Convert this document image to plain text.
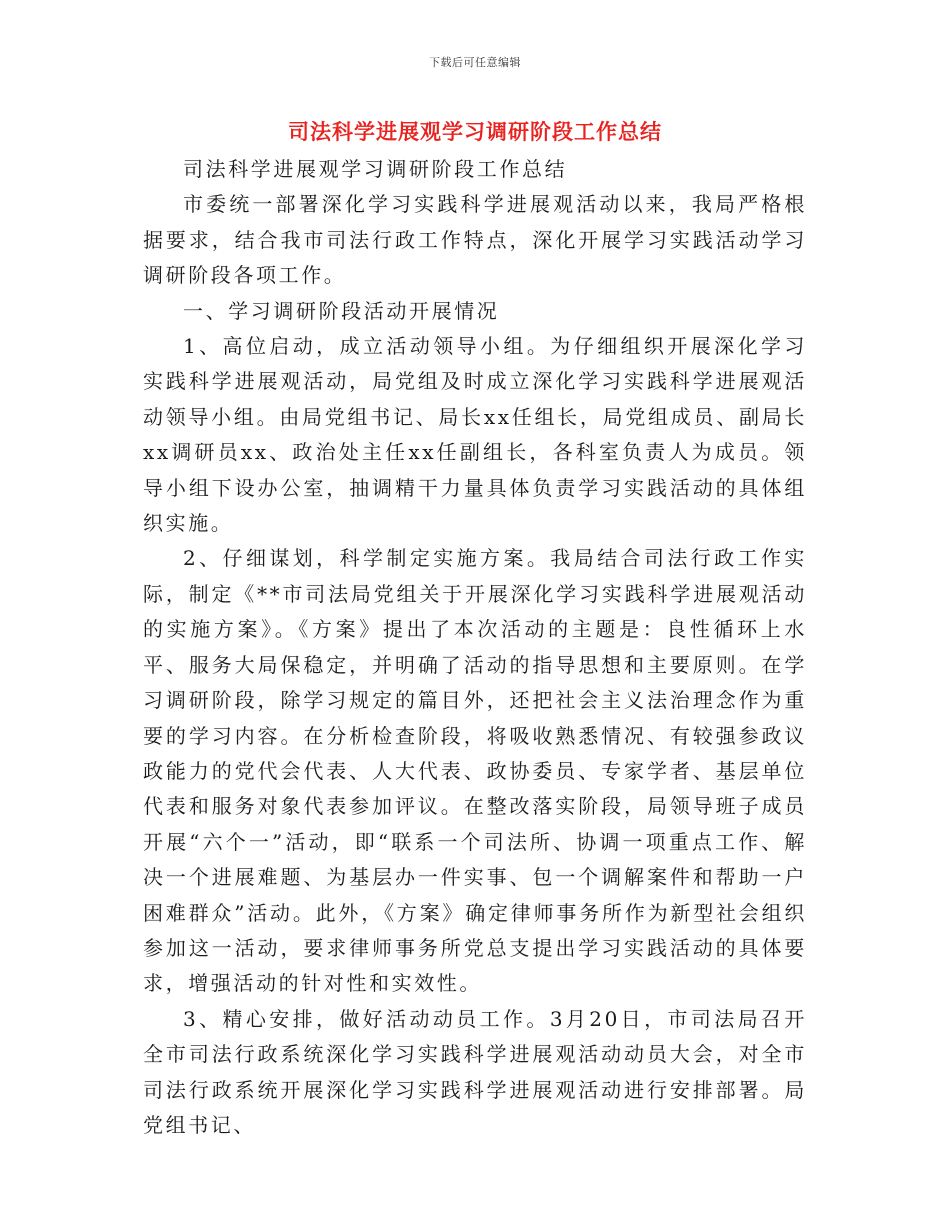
下载后可任意编辑
司法科学进展观学习调研阶段工作总结

司法科学进展观学习调研阶段工作总结

市委统一部署深化学习实践科学进展观活动以来，我局严格根据要求，结合我市司法行政工作特点，深化开展学习实践活动学习调研阶段各项工作。

一、学习调研阶段活动开展情况

1、高位启动，成立活动领导小组。为仔细组织开展深化学习实践科学进展观活动，局党组及时成立深化学习实践科学进展观活动领导小组。由局党组书记、局长xx任组长，局党组成员、副局长xx调研员xx、政治处主任xx任副组长，各科室负责人为成员。领导小组下设办公室，抽调精干力量具体负责学习实践活动的具体组织实施。

2、仔细谋划，科学制定实施方案。我局结合司法行政工作实际，制定《**市司法局党组关于开展深化学习实践科学进展观活动的实施方案》。《方案》提出了本次活动的主题是：良性循环上水平、服务大局保稳定，并明确了活动的指导思想和主要原则。在学习调研阶段，除学习规定的篇目外，还把社会主义法治理念作为重要的学习内容。在分析检查阶段，将吸收熟悉情况、有较强参政议政能力的党代会代表、人大代表、政协委员、专家学者、基层单位代表和服务对象代表参加评议。在整改落实阶段，局领导班子成员开展“六个一”活动，即“联系一个司法所、协调一项重点工作、解决一个进展难题、为基层办一件实事、包一个调解案件和帮助一户困难群众”活动。此外，《方案》确定律师事务所作为新型社会组织参加这一活动，要求律师事务所党总支提出学习实践活动的具体要求，增强活动的针对性和实效性。

3、精心安排，做好活动动员工作。3月20日，市司法局召开全市司法行政系统深化学习实践科学进展观活动动员大会，对全市司法行政系统开展深化学习实践科学进展观活动进行安排部署。局党组书记、
